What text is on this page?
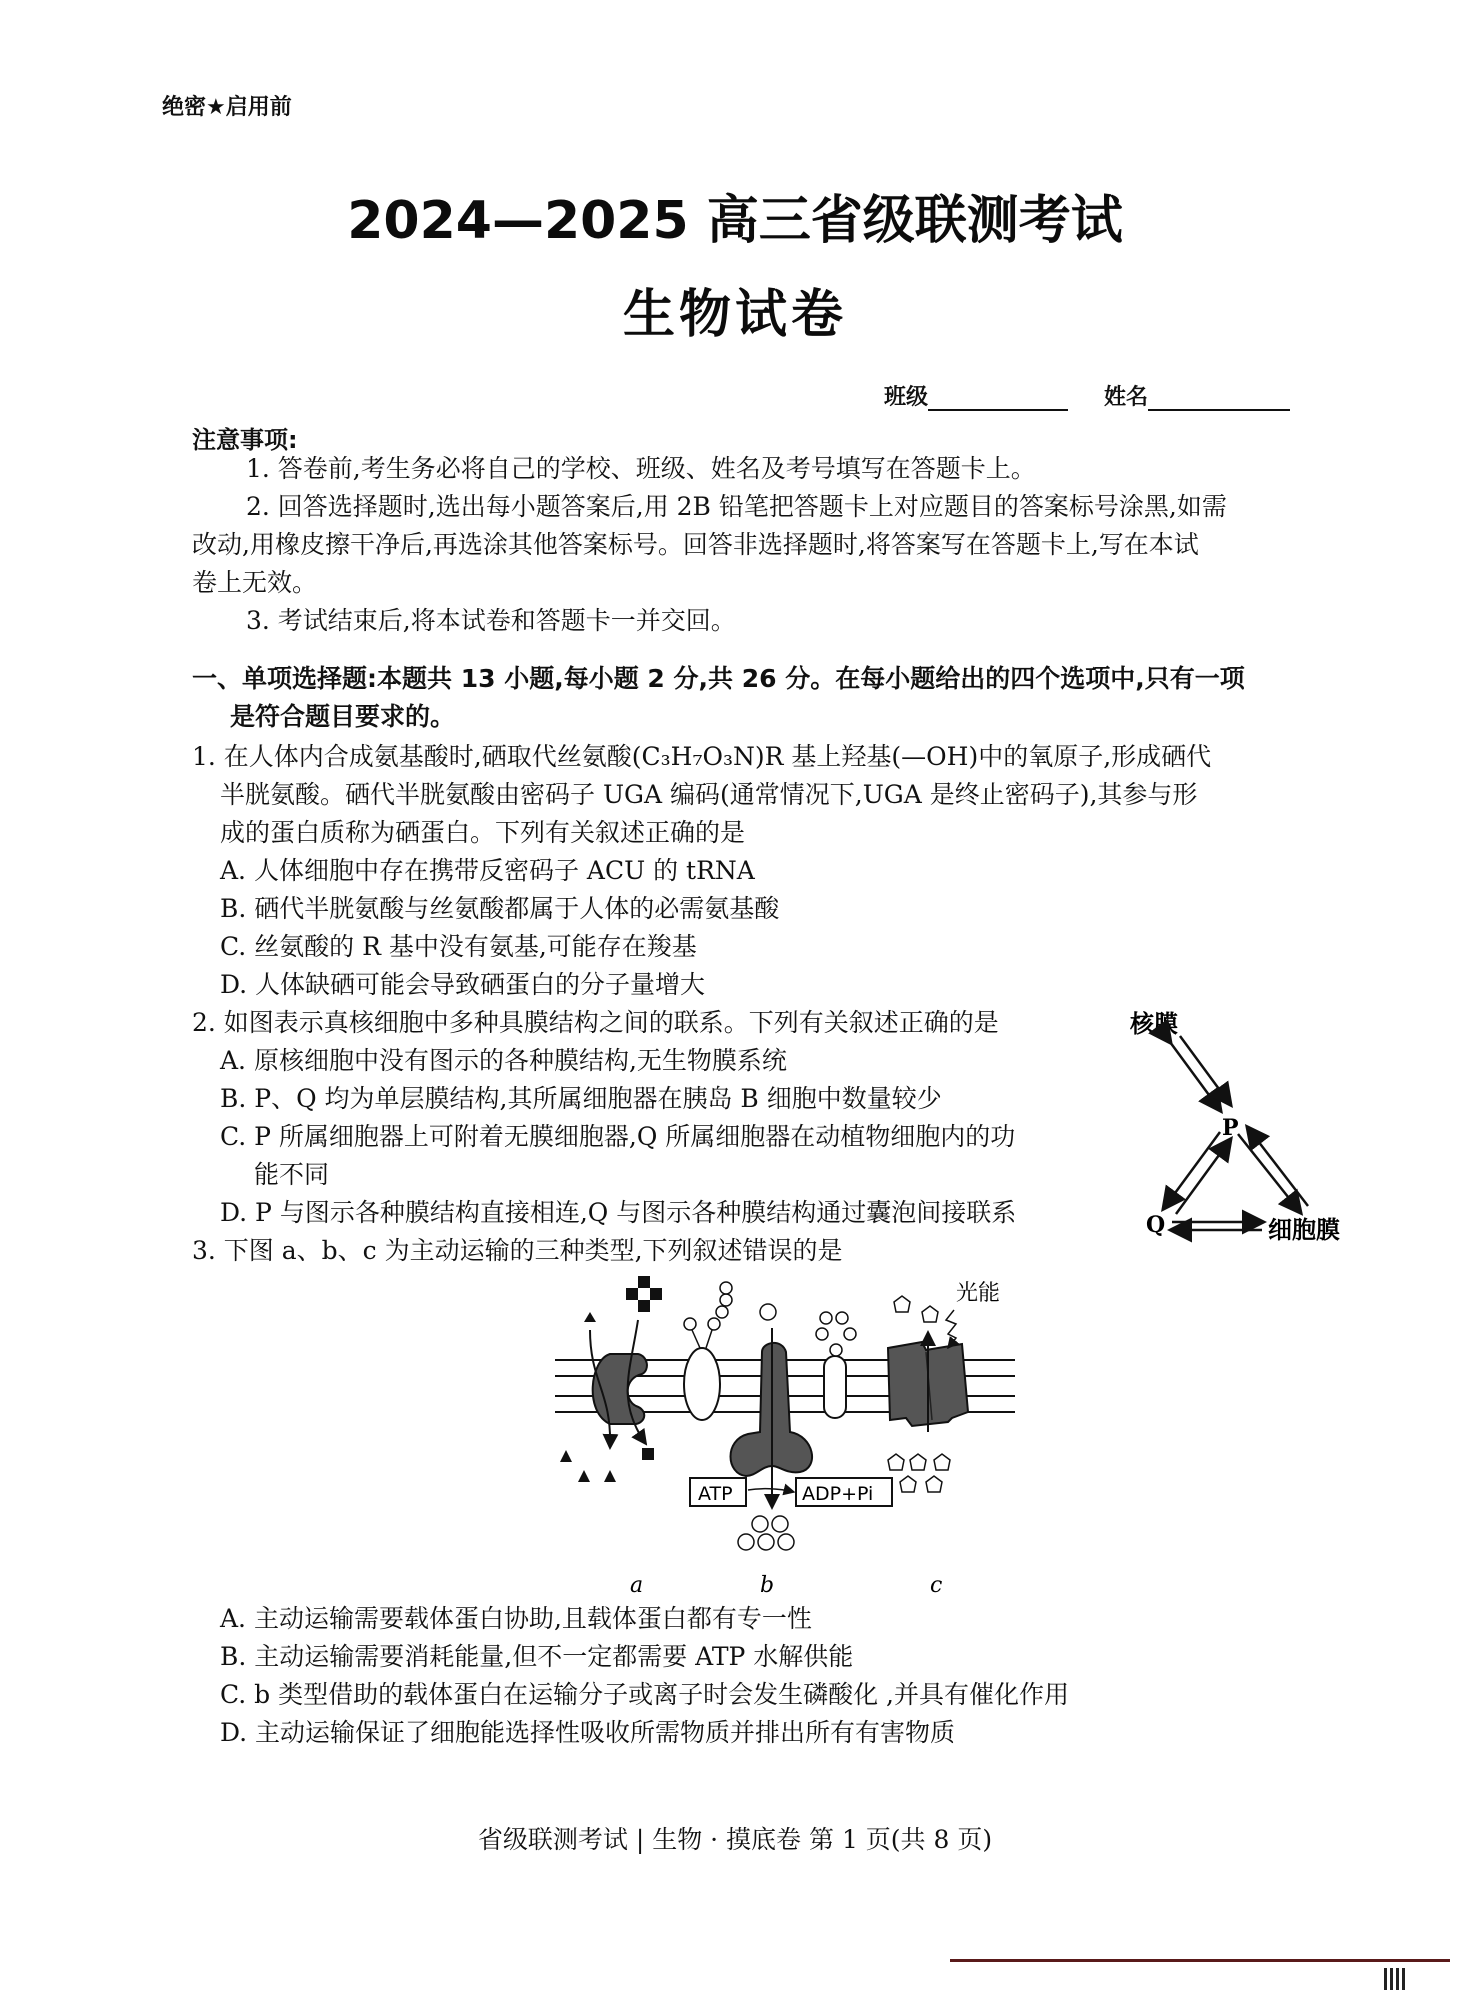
绝密★启用前
2024—2025 高三省级联测考试
生物试卷
班级	姓名
注意事项:
1. 答卷前,考生务必将自己的学校、班级、姓名及考号填写在答题卡上。
2. 回答选择题时,选出每小题答案后,用 2B 铅笔把答题卡上对应题目的答案标号涂黑,如需
改动,用橡皮擦干净后,再选涂其他答案标号。回答非选择题时,将答案写在答题卡上,写在本试
卷上无效。
3. 考试结束后,将本试卷和答题卡一并交回。
一、单项选择题:本题共 13 小题,每小题 2 分,共 26 分。在每小题给出的四个选项中,只有一项
是符合题目要求的。
1. 在人体内合成氨基酸时,硒取代丝氨酸(C₃H₇O₃N)R 基上羟基(—OH)中的氧原子,形成硒代
半胱氨酸。硒代半胱氨酸由密码子 UGA 编码(通常情况下,UGA 是终止密码子),其参与形
成的蛋白质称为硒蛋白。下列有关叙述正确的是
A. 人体细胞中存在携带反密码子 ACU 的 tRNA
B. 硒代半胱氨酸与丝氨酸都属于人体的必需氨基酸
C. 丝氨酸的 R 基中没有氨基,可能存在羧基
D. 人体缺硒可能会导致硒蛋白的分子量增大
2. 如图表示真核细胞中多种具膜结构之间的联系。下列有关叙述正确的是
A. 原核细胞中没有图示的各种膜结构,无生物膜系统
B. P、Q 均为单层膜结构,其所属细胞器在胰岛 B 细胞中数量较少
C. P 所属细胞器上可附着无膜细胞器,Q 所属细胞器在动植物细胞内的功
能不同
D. P 与图示各种膜结构直接相连,Q 与图示各种膜结构通过囊泡间接联系
核膜
P
Q	细胞膜
3. 下图 a、b、c 为主动运输的三种类型,下列叙述错误的是
ATP	ADP+Pi
光能
a	b	c
A. 主动运输需要载体蛋白协助,且载体蛋白都有专一性
B. 主动运输需要消耗能量,但不一定都需要 ATP 水解供能
C. b 类型借助的载体蛋白在运输分子或离子时会发生磷酸化 ,并具有催化作用
D. 主动运输保证了细胞能选择性吸收所需物质并排出所有有害物质
省级联测考试 | 生物 · 摸底卷 第 1 页(共 8 页)
